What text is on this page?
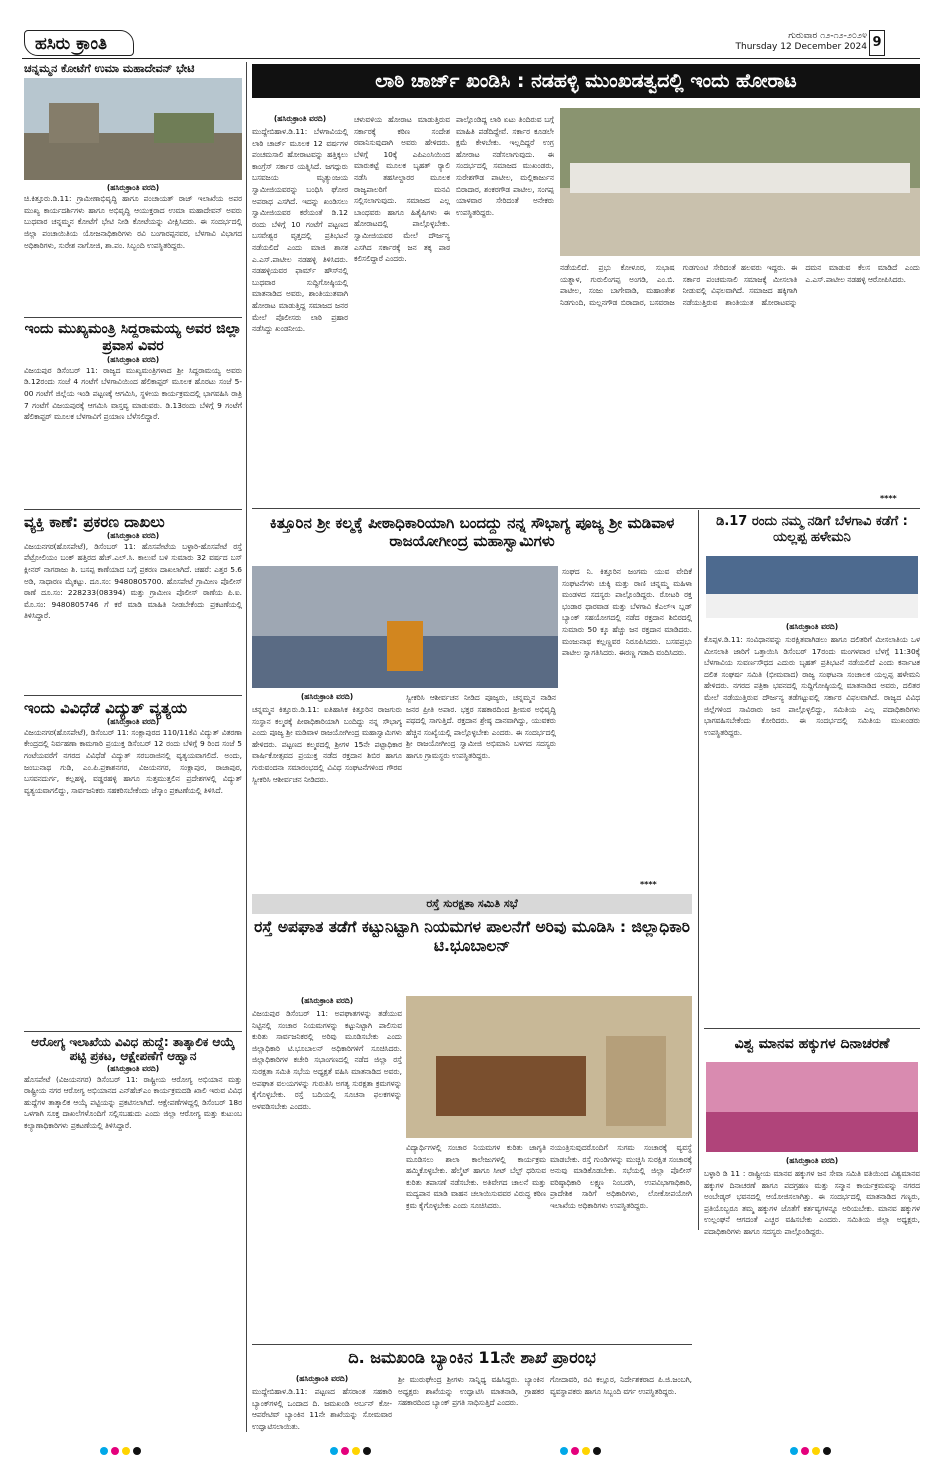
ಹಸಿರು ಕ್ರಾಂತಿ	ಗುರುವಾರ ೧೨-೧೨-೨೦೨೪
Thursday 12 December 2024 9
ಚನ್ನಮ್ಮನ ಕೋಟೆಗೆ ಉಮಾ ಮಹಾದೇವನ್ ಭೇಟಿ
(ಹಸಿರುಕ್ರಾಂತಿ ವರದಿ)
ಚಿ.ಕಿತ್ತೂರು.ಡಿ.11: ಗ್ರಾಮೀಣಾಭಿವೃದ್ಧಿ ಹಾಗೂ ಪಂಚಾಯತ್ ರಾಜ್ ಇಲಾಖೆಯ ಅಪರ ಮುಖ್ಯ ಕಾರ್ಯದರ್ಶಿಗಳು ಹಾಗೂ ಅಭಿವೃದ್ಧಿ ಆಯುಕ್ತರಾದ ಉಮಾ ಮಹಾದೇವನ್ ಅವರು ಬುಧವಾರ ಚನ್ನಮ್ಮನ ಕೋಟೆಗೆ ಭೇಟಿ ನೀಡಿ ಕೋಟೆಯನ್ನು ವೀಕ್ಷಿಸಿದರು. ಈ ಸಂದರ್ಭದಲ್ಲಿ ಜಿಲ್ಲಾ ಪಂಚಾಯಿತಿಯ ಯೋಜನಾಧಿಕಾರಿಗಳು ರವಿ ಬಂಗಾರಪ್ಪನವರ, ಬೆಳಗಾವಿ ವಿಭಾಗದ ಅಧಿಕಾರಿಗಳು, ಸುರೇಶ ನಾಗೋಜಿ, ಶಾ.ಪಂ. ಸಿಬ್ಬಂದಿ ಉಪಸ್ಥಿತರಿದ್ದರು.
ಇಂದು ಮುಖ್ಯಮಂತ್ರಿ ಸಿದ್ದರಾಮಯ್ಯ ಅವರ ಜಿಲ್ಲಾ ಪ್ರವಾಸ ವಿವರ
(ಹಸಿರುಕ್ರಾಂತಿ ವರದಿ)
ವಿಜಯಪುರ ಡಿಸೆಂಬರ್ 11: ರಾಜ್ಯದ ಮುಖ್ಯಮಂತ್ರಿಗಳಾದ ಶ್ರೀ ಸಿದ್ದರಾಮಯ್ಯ ಅವರು ಡಿ.12ರಂದು ಸಂಜೆ 4 ಗಂಟೆಗೆ ಬೆಳಗಾವಿಯಿಂದ ಹೆಲಿಕಾಪ್ಟರ್ ಮೂಲಕ ಹೊರಟು ಸಂಜೆ 5-00 ಗಂಟೆಗೆ ಜಿಲ್ಲೆಯ ಇಂಡಿ ಪಟ್ಟಣಕ್ಕೆ ಆಗಮಿಸಿ, ಸ್ಥಳೀಯ ಕಾರ್ಯಕ್ರಮದಲ್ಲಿ ಭಾಗವಹಿಸಿ ರಾತ್ರಿ 7 ಗಂಟೆಗೆ ವಿಜಯಪುರಕ್ಕೆ ಆಗಮಿಸಿ ವಾಸ್ತವ್ಯ ಮಾಡುವರು. ಡಿ.13ರಂದು ಬೆಳಿಗ್ಗೆ 9 ಗಂಟೆಗೆ ಹೆಲಿಕಾಪ್ಟರ್ ಮೂಲಕ ಬೆಳಗಾವಿಗೆ ಪ್ರಯಾಣ ಬೆಳೆಸಲಿದ್ದಾರೆ.
ವ್ಯಕ್ತಿ ಕಾಣೆ: ಪ್ರಕರಣ ದಾಖಲು
(ಹಸಿರುಕ್ರಾಂತಿ ವರದಿ)
ವಿಜಯನಗರ(ಹೊಸಪೇಟೆ), ಡಿಸೆಂಬರ್ 11: ಹೊಸಪೇಟೆಯ ಬಳ್ಳಾರಿ-ಹೊಸಪೇಟೆ ರಸ್ತೆ ಪೆಟ್ರೋಲಿಯಂ ಬಂಕ್ ಹತ್ತಿರದ ಹೆಚ್.ಎಲ್.ಸಿ. ಕಾಲುವೆ ಬಳಿ ಸುಮಾರು 32 ವರ್ಷದ ಬಸ್ ಕ್ಲೀನರ್ ನಾಗರಾಜು ಶಿ. ಬಸಪ್ಪ ಕಾಣೆಯಾದ ಬಗ್ಗೆ ಪ್ರಕರಣ ದಾಖಲಾಗಿದೆ. ಚಹರೆ: ಎತ್ತರ 5.6 ಅಡಿ, ಸಾಧಾರಣ ಮೈಕಟ್ಟು. ದೂ.ಸಂ: 9480805700. ಹೊಸಪೇಟೆ ಗ್ರಾಮೀಣ ಪೊಲೀಸ್ ಠಾಣೆ ದೂ.ಸಂ: 228233(08394) ಮತ್ತು ಗ್ರಾಮೀಣ ಪೊಲೀಸ್ ಠಾಣೆಯ ಪಿ.ಐ. ಮೊ.ಸಂ: 9480805746 ಗೆ ಕರೆ ಮಾಡಿ ಮಾಹಿತಿ ನೀಡಬೇಕೆಂದು ಪ್ರಕಟಣೆಯಲ್ಲಿ ತಿಳಿಸಿದ್ದಾರೆ.
ಇಂದು ವಿವಿಧೆಡೆ ವಿದ್ಯುತ್ ವ್ಯತ್ಯಯ
(ಹಸಿರುಕ್ರಾಂತಿ ವರದಿ)
ವಿಜಯನಗರ(ಹೊಸಪೇಟೆ), ಡಿಸೆಂಬರ್ 11: ಸಂಕ್ಲಾಪುರದ 110/11ಕೆವಿ ವಿದ್ಯುತ್ ವಿತರಣಾ ಕೇಂದ್ರದಲ್ಲಿ ನಿರ್ವಹಣಾ ಕಾಮಗಾರಿ ಪ್ರಯುಕ್ತ ಡಿಸೆಂಬರ್ 12 ರಂದು ಬೆಳಿಗ್ಗೆ 9 ರಿಂದ ಸಂಜೆ 5 ಗಂಟೆಯವರೆಗೆ ನಗರದ ವಿವಿಧೆಡೆ ವಿದ್ಯುತ್ ಸರಬರಾಜಿನಲ್ಲಿ ವ್ಯತ್ಯಯವಾಗಲಿದೆ. ಅಂದು, ಜಂಬುನಾಥ ಗುಡಿ, ಎಂ.ಪಿ.ಪ್ರಕಾಶನಗರ, ವಿಜಯನಗರ, ಸಂಕ್ಲಾಪುರ, ರಾಜಾಪುರ, ಬಸವನದುರ್ಗ, ಕಲ್ಲಹಳ್ಳಿ, ವಡ್ಡರಹಳ್ಳಿ ಹಾಗೂ ಸುತ್ತಮುತ್ತಲಿನ ಪ್ರದೇಶಗಳಲ್ಲಿ ವಿದ್ಯುತ್ ವ್ಯತ್ಯಯವಾಗಲಿದ್ದು, ಸಾರ್ವಜನಿಕರು ಸಹಕರಿಸಬೇಕೆಂದು ಜೆಸ್ಕಾಂ ಪ್ರಕಟಣೆಯಲ್ಲಿ ತಿಳಿಸಿದೆ.
ಆರೋಗ್ಯ ಇಲಾಖೆಯ ವಿವಿಧ ಹುದ್ದೆ: ತಾತ್ಕಾಲಿಕ ಆಯ್ಕೆ ಪಟ್ಟಿ ಪ್ರಕಟ, ಆಕ್ಷೇಪಣೆಗೆ ಆಹ್ವಾನ
(ಹಸಿರುಕ್ರಾಂತಿ ವರದಿ)
ಹೊಸಪೇಟೆ (ವಿಜಯನಗರ) ಡಿಸೆಂಬರ್ 11: ರಾಷ್ಟ್ರೀಯ ಆರೋಗ್ಯ ಅಭಿಯಾನ ಮತ್ತು ರಾಷ್ಟ್ರೀಯ ನಗರ ಆರೋಗ್ಯ ಅಭಿಯಾನದ ಎನ್‍ಹೆಚ್‍ಎಂ ಕಾರ್ಯಕ್ರಮದಡಿ ಖಾಲಿ ಇರುವ ವಿವಿಧ ಹುದ್ದೆಗಳ ತಾತ್ಕಾಲಿಕ ಆಯ್ಕೆ ಪಟ್ಟಿಯನ್ನು ಪ್ರಕಟಿಸಲಾಗಿದೆ. ಆಕ್ಷೇಪಣೆಗಳಿದ್ದಲ್ಲಿ ಡಿಸೆಂಬರ್ 18ರ ಒಳಗಾಗಿ ಸೂಕ್ತ ದಾಖಲೆಗಳೊಂದಿಗೆ ಸಲ್ಲಿಸಬಹುದು ಎಂದು ಜಿಲ್ಲಾ ಆರೋಗ್ಯ ಮತ್ತು ಕುಟುಂಬ ಕಲ್ಯಾಣಾಧಿಕಾರಿಗಳು ಪ್ರಕಟಣೆಯಲ್ಲಿ ತಿಳಿಸಿದ್ದಾರೆ.
ಲಾಠಿ ಚಾರ್ಜ್ ಖಂಡಿಸಿ : ನಡಹಳ್ಳಿ ಮುಂಖಡತ್ವದಲ್ಲಿ ಇಂದು ಹೋರಾಟ
(ಹಸಿರುಕ್ರಾಂತಿ ವರದಿ)
ಮುದ್ದೇಬಿಹಾಳ.ಡಿ.11: ಬೆಳಗಾವಿಯಲ್ಲಿ ಲಾಠಿ ಚಾರ್ಜ್ ಮೂಲಕ 12 ವರ್ಷಗಳ ಪಂಚಮಸಾಲಿ ಹೋರಾಟವನ್ನು ಹತ್ತಿಕ್ಕಲು ಕಾಂಗ್ರೆಸ್ ಸರ್ಕಾರ ಯತ್ನಿಸಿದೆ. ಜಗದ್ಗುರು ಬಸವಜಯ ಮೃತ್ಯುಂಜಯ ಸ್ವಾಮೀಜಿಯವರನ್ನು ಬಂಧಿಸಿ ಘೋರ ಅಪರಾಧ ಎಸಗಿದೆ. ಇದನ್ನು ಖಂಡಿಸಲು ಸ್ವಾಮೀಜಿಯವರ ಕರೆಯಂತೆ ಡಿ.12 ರಂದು ಬೆಳಿಗ್ಗೆ 10 ಗಂಟೆಗೆ ಪಟ್ಟಣದ ಬಸವೇಶ್ವರ ವೃತ್ತದಲ್ಲಿ ಪ್ರತಿಭಟನೆ ನಡೆಯಲಿದೆ ಎಂದು ಮಾಜಿ ಶಾಸಕ ಎ.ಎಸ್.ಪಾಟೀಲ ನಡಹಳ್ಳಿ ತಿಳಿಸಿದರು. ನಡಹಳ್ಳಿಯವರ ಫಾರ್ಮ್ ಹೌಸ್‍ನಲ್ಲಿ ಬುಧವಾರ ಸುದ್ದಿಗೋಷ್ಠಿಯಲ್ಲಿ ಮಾತನಾಡಿದ ಅವರು, ಶಾಂತಿಯುತವಾಗಿ ಹೋರಾಟ ಮಾಡುತ್ತಿದ್ದ ಸಮಾಜದ ಜನರ ಮೇಲೆ ಪೊಲೀಸರು ಲಾಠಿ ಪ್ರಹಾರ ನಡೆಸಿದ್ದು ಖಂಡನೀಯ.
ಚಳುವಳಿಯ ಹೋರಾಟ ಮಾಡುತ್ತಿರುವ ಸರ್ಕಾರಕ್ಕೆ ಕಠಿಣ ಸಂದೇಶ ರವಾನಿಸುವುದಾಗಿ ಅವರು ಹೇಳಿದರು. ಬೆಳಿಗ್ಗೆ 10ಕ್ಕೆ ಎಪಿಎಂಸಿಯಿಂದ ಮಾರುಕಟ್ಟೆ ಮೂಲಕ ಬೃಹತ್ ರ‍್ಯಾಲಿ ನಡೆಸಿ ತಹಸೀಲ್ದಾರರ ಮೂಲಕ ರಾಜ್ಯಪಾಲರಿಗೆ ಮನವಿ ಸಲ್ಲಿಸಲಾಗುವುದು. ಸಮಾಜದ ಎಲ್ಲ ಬಾಂಧವರು ಹಾಗೂ ಹಿತೈಷಿಗಳು ಈ ಹೋರಾಟದಲ್ಲಿ ಪಾಲ್ಗೊಳ್ಳಬೇಕು. ಸ್ವಾಮೀಜಿಯವರ ಮೇಲೆ ದೌರ್ಜನ್ಯ ಎಸಗಿದ ಸರ್ಕಾರಕ್ಕೆ ಜನ ತಕ್ಕ ಪಾಠ ಕಲಿಸಲಿದ್ದಾರೆ ಎಂದರು.
ಪಾಲ್ಗೊಂಡಿದ್ದ ಲಾಠಿ ಏಟು ತಿಂದಿರುವ ಬಗ್ಗೆ ಮಾಹಿತಿ ಪಡೆದಿದ್ದೇವೆ. ಸರ್ಕಾರ ಕೂಡಲೇ ಕ್ಷಮೆ ಕೇಳಬೇಕು. ಇಲ್ಲದಿದ್ದರೆ ಉಗ್ರ ಹೋರಾಟ ನಡೆಸಲಾಗುವುದು. ಈ ಸಂದರ್ಭದಲ್ಲಿ ಸಮಾಜದ ಮುಖಂಡರು, ಸುರೇಶಗೌಡ ಪಾಟೀಲ, ಮಲ್ಲಿಕಾರ್ಜುನ ಬಿರಾದಾರ, ಶಂಕರಗೌಡ ಪಾಟೀಲ, ಸಂಗಪ್ಪ ಯಾಳವಾರ ಸೇರಿದಂತೆ ಅನೇಕರು ಉಪಸ್ಥಿತರಿದ್ದರು.
ನಡೆಯಲಿದೆ. ಪ್ರಭು ಕೋಳೂರ, ಸುಭಾಷ ಯತ್ನಾಳ, ಗುರುಲಿಂಗಪ್ಪ ಅಂಗಡಿ, ಎಂ.ಬಿ. ಪಾಟೀಲ, ಸಂಜು ಬಾಗೇವಾಡಿ, ಮಹಾಂತೇಶ ನಿಡಗುಂದಿ, ಮಲ್ಲನಗೌಡ ಬಿರಾದಾರ, ಬಸವರಾಜ ಗುಡಗುಂಟಿ ಸೇರಿದಂತೆ ಹಲವರು ಇದ್ದರು. ಈ ಸರ್ಕಾರ ಪಂಚಮಸಾಲಿ ಸಮಾಜಕ್ಕೆ ಮೀಸಲಾತಿ ನೀಡುವಲ್ಲಿ ವಿಫಲವಾಗಿದೆ. ಸಮಾಜದ ಹಕ್ಕಿಗಾಗಿ ನಡೆಯುತ್ತಿರುವ ಶಾಂತಿಯುತ ಹೋರಾಟವನ್ನು ದಮನ ಮಾಡುವ ಕೆಲಸ ಮಾಡಿದೆ ಎಂದು ಎ.ಎಸ್.ಪಾಟೀಲ ನಡಹಳ್ಳಿ ಆರೋಪಿಸಿದರು.
****
ಕಿತ್ತೂರಿನ ಶ್ರೀ ಕಲ್ಮಕ್ಕೆ ಪೀಠಾಧಿಕಾರಿಯಾಗಿ ಬಂದದ್ದು ನನ್ನ ಸೌಭಾಗ್ಯ ಪೂಜ್ಯ ಶ್ರೀ ಮಡಿವಾಳ ರಾಜಯೋಗೀಂದ್ರ ಮಹಾಸ್ವಾಮಿಗಳು
ಸಂಘದ ನಿ. ಕಿತ್ತೂರಿನ ಜಂಗಮ ಯುವ ವೇದಿಕೆ ಸಂಘಟನೆಗಳು ಚುಕ್ಕಿ ಮತ್ತು ರಾಣಿ ಚನ್ನಮ್ಮ ಮಹಿಳಾ ಮಂಡಳದ ಸದಸ್ಯರು ಪಾಲ್ಗೊಂಡಿದ್ದರು. ರೋಟರಿ ರಕ್ತ ಭಂಡಾರ ಧಾರವಾಡ ಮತ್ತು ಬೆಳಗಾವಿ ಕೆಎಲ್‍ಇ ಬ್ಲಡ್ ಬ್ಯಾಂಕ್ ಸಹಯೋಗದಲ್ಲಿ ನಡೆದ ರಕ್ತದಾನ ಶಿಬಿರದಲ್ಲಿ ಸುಮಾರು 50 ಕ್ಕೂ ಹೆಚ್ಚು ಜನ ರಕ್ತದಾನ ಮಾಡಿದರು. ಮಂಜುನಾಥ ಕಲ್ಲಣ್ಣವರ ನಿರೂಪಿಸಿದರು. ಬಸವಪ್ರಭು ಪಾಟೀಲ ಸ್ವಾಗತಿಸಿದರು. ಈರಣ್ಣ ಗಡಾದಿ ವಂದಿಸಿದರು.
(ಹಸಿರುಕ್ರಾಂತಿ ವರದಿ)
ಚನ್ನಮ್ಮನ ಕಿತ್ತೂರು.ಡಿ.11: ಐತಿಹಾಸಿಕ ಕಿತ್ತೂರಿನ ರಾಜಗುರು ಸಂಸ್ಥಾನ ಕಲ್ಮಠಕ್ಕೆ ಪೀಠಾಧಿಕಾರಿಯಾಗಿ ಬಂದಿದ್ದು ನನ್ನ ಸೌಭಾಗ್ಯ ಎಂದು ಪೂಜ್ಯ ಶ್ರೀ ಮಡಿವಾಳ ರಾಜಯೋಗೀಂದ್ರ ಮಹಾಸ್ವಾಮಿಗಳು ಹೇಳಿದರು. ಪಟ್ಟಣದ ಕಲ್ಮಠದಲ್ಲಿ ಶ್ರೀಗಳ 15ನೇ ಪಟ್ಟಾಧಿಕಾರ ವಾರ್ಷಿಕೋತ್ಸವದ ಪ್ರಯುಕ್ತ ನಡೆದ ರಕ್ತದಾನ ಶಿಬಿರ ಹಾಗೂ ಗುರುವಂದನಾ ಸಮಾರಂಭದಲ್ಲಿ ವಿವಿಧ ಸಂಘಟನೆಗಳಿಂದ ಗೌರವ ಸ್ವೀಕರಿಸಿ ಆಶೀರ್ವಚನ ನೀಡಿದರು.
ಸ್ವೀಕರಿಸಿ ಆಶೀರ್ವಚನ ನೀಡಿದ ಪೂಜ್ಯರು, ಚನ್ನಮ್ಮನ ನಾಡಿನ ಜನರ ಪ್ರೀತಿ ಅಪಾರ. ಭಕ್ತರ ಸಹಕಾರದಿಂದ ಶ್ರೀಮಠ ಅಭಿವೃದ್ಧಿ ಪಥದಲ್ಲಿ ಸಾಗುತ್ತಿದೆ. ರಕ್ತದಾನ ಶ್ರೇಷ್ಠ ದಾನವಾಗಿದ್ದು, ಯುವಕರು ಹೆಚ್ಚಿನ ಸಂಖ್ಯೆಯಲ್ಲಿ ಪಾಲ್ಗೊಳ್ಳಬೇಕು ಎಂದರು. ಈ ಸಂದರ್ಭದಲ್ಲಿ ಶ್ರೀ ರಾಜಯೋಗೀಂದ್ರ ಸ್ವಾಮೀಜಿ ಅಭಿಮಾನಿ ಬಳಗದ ಸದಸ್ಯರು ಹಾಗೂ ಗ್ರಾಮಸ್ಥರು ಉಪಸ್ಥಿತರಿದ್ದರು.
****
ಡಿ.17 ರಂದು ನಮ್ಮ ನಡಿಗೆ ಬೆಳಗಾವಿ ಕಡೆಗೆ : ಯಲ್ಲಪ್ಪ ಹಳೇಮನಿ
(ಹಸಿರುಕ್ರಾಂತಿ ವರದಿ)
ಕೊಪ್ಪಳ.ಡಿ.11: ಸಂವಿಧಾನವನ್ನು ಸುರಕ್ಷಿತವಾಗಿಡಲು ಹಾಗೂ ದಲಿತರಿಗೆ ಮೀಸಲಾತಿಯ ಒಳ ಮೀಸಲಾತಿ ಜಾರಿಗೆ ಒತ್ತಾಯಿಸಿ ಡಿಸೆಂಬರ್ 17ರಂದು ಮಂಗಳವಾರ ಬೆಳಗ್ಗೆ 11:30ಕ್ಕೆ ಬೆಳಗಾವಿಯ ಸುವರ್ಣಸೌಧದ ಎದುರು ಬೃಹತ್ ಪ್ರತಿಭಟನೆ ನಡೆಯಲಿದೆ ಎಂದು ಕರ್ನಾಟಕ ದಲಿತ ಸಂಘರ್ಷ ಸಮಿತಿ (ಭೀಮವಾದ) ರಾಜ್ಯ ಸಂಘಟನಾ ಸಂಚಾಲಕ ಯಲ್ಲಪ್ಪ ಹಳೇಮನಿ ಹೇಳಿದರು. ನಗರದ ಪತ್ರಿಕಾ ಭವನದಲ್ಲಿ ಸುದ್ದಿಗೋಷ್ಠಿಯಲ್ಲಿ ಮಾತನಾಡಿದ ಅವರು, ದಲಿತರ ಮೇಲೆ ನಡೆಯುತ್ತಿರುವ ದೌರ್ಜನ್ಯ ತಡೆಗಟ್ಟುವಲ್ಲಿ ಸರ್ಕಾರ ವಿಫಲವಾಗಿದೆ. ರಾಜ್ಯದ ವಿವಿಧ ಜಿಲ್ಲೆಗಳಿಂದ ಸಾವಿರಾರು ಜನ ಪಾಲ್ಗೊಳ್ಳಲಿದ್ದು, ಸಮಿತಿಯ ಎಲ್ಲ ಪದಾಧಿಕಾರಿಗಳು ಭಾಗವಹಿಸಬೇಕೆಂದು ಕೋರಿದರು. ಈ ಸಂದರ್ಭದಲ್ಲಿ ಸಮಿತಿಯ ಮುಖಂಡರು ಉಪಸ್ಥಿತರಿದ್ದರು.
ವಿಶ್ವ ಮಾನವ ಹಕ್ಕುಗಳ ದಿನಾಚರಣೆ
(ಹಸಿರುಕ್ರಾಂತಿ ವರದಿ)
ಬಳ್ಳಾರಿ ಡಿ 11 : ರಾಷ್ಟ್ರೀಯ ಮಾನವ ಹಕ್ಕುಗಳ ಜನ ಸೇವಾ ಸಮಿತಿ ವತಿಯಿಂದ ವಿಶ್ವಮಾನವ ಹಕ್ಕುಗಳ ದಿನಾಚರಣೆ ಹಾಗೂ ಪದಗ್ರಹಣ ಮತ್ತು ಸನ್ಮಾನ ಕಾರ್ಯಕ್ರಮವನ್ನು ನಗರದ ಅಂಬೇಡ್ಕರ್ ಭವನದಲ್ಲಿ ಆಯೋಜಿಸಲಾಗಿತ್ತು. ಈ ಸಂದರ್ಭದಲ್ಲಿ ಮಾತನಾಡಿದ ಗಣ್ಯರು, ಪ್ರತಿಯೊಬ್ಬರೂ ತಮ್ಮ ಹಕ್ಕುಗಳ ಜೊತೆಗೆ ಕರ್ತವ್ಯಗಳನ್ನೂ ಅರಿಯಬೇಕು. ಮಾನವ ಹಕ್ಕುಗಳ ಉಲ್ಲಂಘನೆ ಆಗದಂತೆ ಎಚ್ಚರ ವಹಿಸಬೇಕು ಎಂದರು. ಸಮಿತಿಯ ಜಿಲ್ಲಾ ಅಧ್ಯಕ್ಷರು, ಪದಾಧಿಕಾರಿಗಳು ಹಾಗೂ ಸದಸ್ಯರು ಪಾಲ್ಗೊಂಡಿದ್ದರು.
ರಸ್ತೆ ಸುರಕ್ಷತಾ ಸಮಿತಿ ಸಭೆ
ರಸ್ತೆ ಅಪಘಾತ ತಡೆಗೆ ಕಟ್ಟುನಿಟ್ಟಾಗಿ ನಿಯಮಗಳ ಪಾಲನೆಗೆ ಅರಿವು ಮೂಡಿಸಿ : ಜಿಲ್ಲಾಧಿಕಾರಿ ಟಿ.ಭೂಬಾಲನ್
(ಹಸಿರುಕ್ರಾಂತಿ ವರದಿ)
ವಿಜಯಪುರ ಡಿಸೆಂಬರ್ 11: ಅಪಘಾತಗಳನ್ನು ತಡೆಯುವ ನಿಟ್ಟಿನಲ್ಲಿ ಸಂಚಾರ ನಿಯಮಗಳನ್ನು ಕಟ್ಟುನಿಟ್ಟಾಗಿ ಪಾಲಿಸುವ ಕುರಿತು ಸಾರ್ವಜನಿಕರಲ್ಲಿ ಅರಿವು ಮೂಡಿಸಬೇಕು ಎಂದು ಜಿಲ್ಲಾಧಿಕಾರಿ ಟಿ.ಭೂಬಾಲನ್ ಅಧಿಕಾರಿಗಳಿಗೆ ಸೂಚಿಸಿದರು. ಜಿಲ್ಲಾಧಿಕಾರಿಗಳ ಕಚೇರಿ ಸಭಾಂಗಣದಲ್ಲಿ ನಡೆದ ಜಿಲ್ಲಾ ರಸ್ತೆ ಸುರಕ್ಷತಾ ಸಮಿತಿ ಸಭೆಯ ಅಧ್ಯಕ್ಷತೆ ವಹಿಸಿ ಮಾತನಾಡಿದ ಅವರು, ಅಪಘಾತ ವಲಯಗಳನ್ನು ಗುರುತಿಸಿ ಅಗತ್ಯ ಸುರಕ್ಷತಾ ಕ್ರಮಗಳನ್ನು ಕೈಗೊಳ್ಳಬೇಕು. ರಸ್ತೆ ಬದಿಯಲ್ಲಿ ಸೂಚನಾ ಫಲಕಗಳನ್ನು ಅಳವಡಿಸಬೇಕು ಎಂದರು.
ವಿದ್ಯಾರ್ಥಿಗಳಲ್ಲಿ ಸಂಚಾರ ನಿಯಮಗಳ ಕುರಿತು ಜಾಗೃತಿ ಮೂಡಿಸಲು ಶಾಲಾ ಕಾಲೇಜುಗಳಲ್ಲಿ ಕಾರ್ಯಕ್ರಮ ಹಮ್ಮಿಕೊಳ್ಳಬೇಕು. ಹೆಲ್ಮೆಟ್ ಹಾಗೂ ಸೀಟ್ ಬೆಲ್ಟ್ ಧರಿಸುವ ಕುರಿತು ತಪಾಸಣೆ ನಡೆಸಬೇಕು. ಅತಿವೇಗದ ಚಾಲನೆ ಮತ್ತು ಮದ್ಯಪಾನ ಮಾಡಿ ವಾಹನ ಚಲಾಯಿಸುವವರ ವಿರುದ್ಧ ಕಠಿಣ ಕ್ರಮ ಕೈಗೊಳ್ಳಬೇಕು ಎಂದು ಸೂಚಿಸಿದರು.
ನಯಂತ್ರಿಸುವುದರೊಂದಿಗೆ ಸುಗಮ ಸಂಚಾರಕ್ಕೆ ವ್ಯವಸ್ಥೆ ಮಾಡಬೇಕು. ರಸ್ತೆ ಗುಂಡಿಗಳನ್ನು ಮುಚ್ಚಿಸಿ ಸುರಕ್ಷಿತ ಸಂಚಾರಕ್ಕೆ ಅನುವು ಮಾಡಿಕೊಡಬೇಕು. ಸಭೆಯಲ್ಲಿ ಜಿಲ್ಲಾ ಪೊಲೀಸ್ ವರಿಷ್ಠಾಧಿಕಾರಿ ಲಕ್ಷ್ಮಣ ನಿಂಬರಗಿ, ಉಪವಿಭಾಗಾಧಿಕಾರಿ, ಪ್ರಾದೇಶಿಕ ಸಾರಿಗೆ ಅಧಿಕಾರಿಗಳು, ಲೋಕೋಪಯೋಗಿ ಇಲಾಖೆಯ ಅಧಿಕಾರಿಗಳು ಉಪಸ್ಥಿತರಿದ್ದರು.
ದಿ. ಜಮಖಂಡಿ ಬ್ಯಾಂಕಿನ 11ನೇ ಶಾಖೆ ಪ್ರಾರಂಭ
(ಹಸಿರುಕ್ರಾಂತಿ ವರದಿ)
ಮುದ್ದೇಬಿಹಾಳ.ಡಿ.11: ಪಟ್ಟಣದ ಹೆಸರಾಂತ ಸಹಕಾರಿ ಬ್ಯಾಂಕ್‍ಗಳಲ್ಲಿ ಒಂದಾದ ದಿ. ಜಮಖಂಡಿ ಅರ್ಬನ್ ಕೋ-ಆಪರೇಟಿವ್ ಬ್ಯಾಂಕಿನ 11ನೇ ಶಾಖೆಯನ್ನು ಸೋಮವಾರ ಉದ್ಘಾಟಿಸಲಾಯಿತು.
ಶ್ರೀ ಮುರುಘೇಂದ್ರ ಶ್ರೀಗಳು ಸಾನ್ನಿಧ್ಯ ವಹಿಸಿದ್ದರು. ಬ್ಯಾಂಕಿನ ಅಧ್ಯಕ್ಷರು ಶಾಖೆಯನ್ನು ಉದ್ಘಾಟಿಸಿ ಮಾತನಾಡಿ, ಗ್ರಾಹಕರ ಸಹಕಾರದಿಂದ ಬ್ಯಾಂಕ್ ಪ್ರಗತಿ ಸಾಧಿಸುತ್ತಿದೆ ಎಂದರು.
ಗೋದಾವರಿ, ರವಿ ಕಲ್ಲೂರ, ನಿರ್ದೇಶಕರಾದ ಪಿ.ಜಿ.ಜಂಬಗಿ, ವ್ಯವಸ್ಥಾಪಕರು ಹಾಗೂ ಸಿಬ್ಬಂದಿ ವರ್ಗ ಉಪಸ್ಥಿತರಿದ್ದರು.
